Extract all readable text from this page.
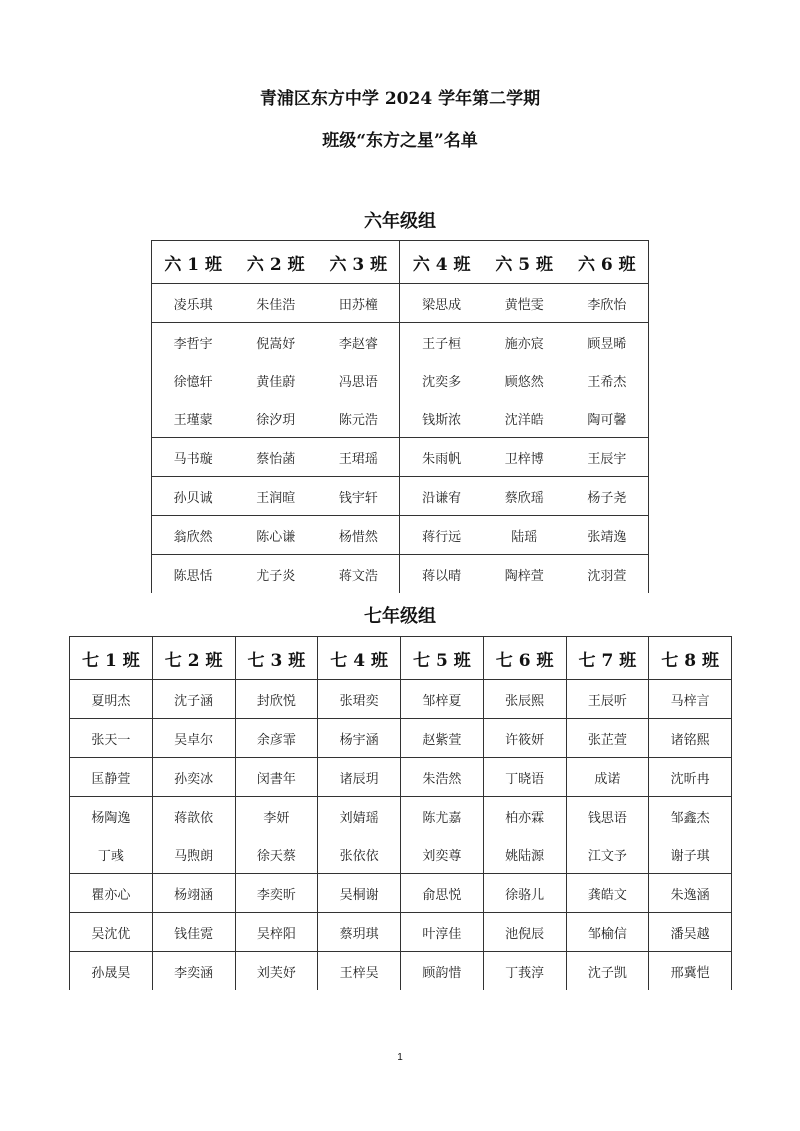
青浦区东方中学 2024 学年第二学期
班级“东方之星”名单
六年级组
六 1 班	六 2 班	六 3 班	六 4 班	六 5 班	六 6 班
凌乐琪	朱佳浩	田苏橦	梁思成	黄恺雯	李欣怡
李哲宇	倪嵩妤	李赵睿	王子桓	施亦宸	顾昱晞
徐憶轩	黄佳蔚	冯思语	沈奕多	顾悠然	王希杰
王瑾蒙	徐汐玥	陈元浩	钱斯浓	沈洋皓	陶可馨
马书璇	蔡怡菡	王珺瑶	朱雨帆	卫梓博	王辰宇
孙贝诚	王润暄	钱宇轩	沿谦宥	蔡欣瑶	杨子尧
翁欣然	陈心谦	杨惜然	蒋行远	陆瑶	张靖逸
陈思恬	尤子炎	蒋文浩	蒋以晴	陶梓萱	沈羽萱
七年级组
七 1 班	七 2 班	七 3 班	七 4 班	七 5 班	七 6 班	七 7 班	七 8 班
夏明杰	沈子涵	封欣悦	张珺奕	邹梓夏	张辰熙	王辰听	马梓言
张天一	吴卓尔	余彦霏	杨宇涵	赵紫萱	许筱妍	张芷萱	诸铭熙
匡静萱	孙奕冰	闵書年	诸辰玥	朱浩然	丁晓语	成诺	沈昕冉
杨陶逸	蒋歆依	李妍	刘婧瑶	陈尤嘉	柏亦霖	钱思语	邹鑫杰
丁彧	马煦朗	徐天蔡	张依依	刘奕尊	姚陆源	江文予	谢子琪
瞿亦心	杨翊涵	李奕昕	吴桐谢	俞思悦	徐骆儿	龚皓文	朱逸涵
吴沈优	钱佳霓	吴梓阳	蔡玥琪	叶淳佳	池倪辰	邹榆信	潘吴越
孙晟昊	李奕涵	刘芙妤	王梓吴	顾韵惜	丁莪淳	沈子凯	邢冀恺
1
